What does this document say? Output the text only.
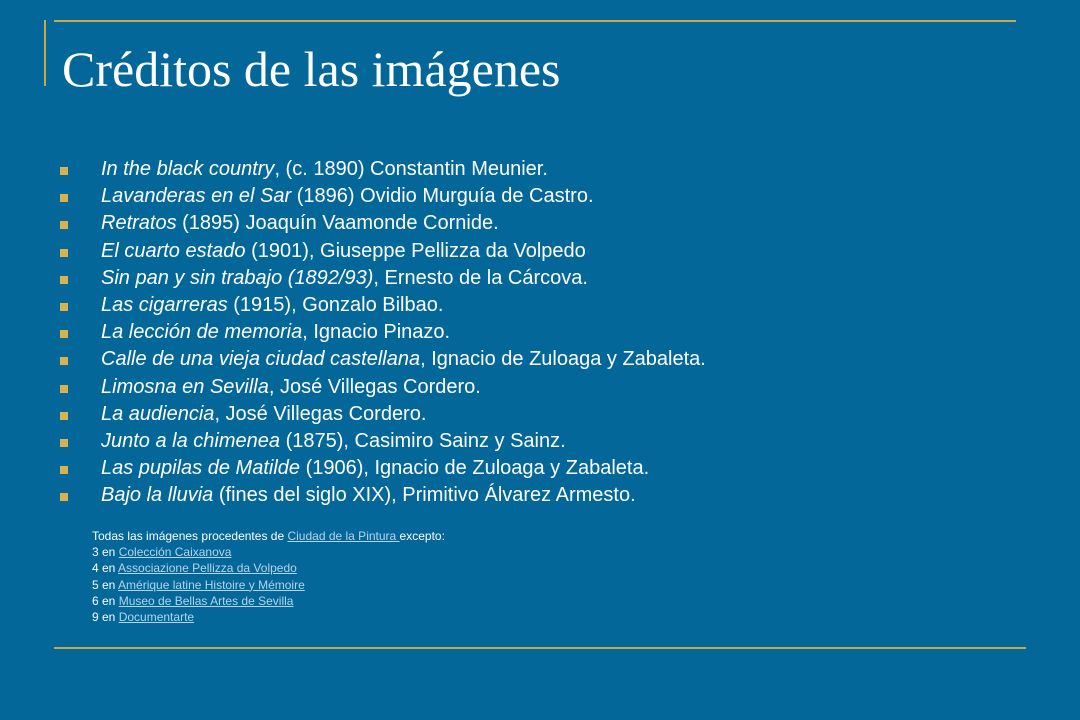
Créditos de las imágenes
In the black country, (c. 1890) Constantin Meunier.
Lavanderas en el Sar (1896) Ovidio Murguía de Castro.
Retratos (1895) Joaquín Vaamonde Cornide.
El cuarto estado (1901), Giuseppe Pellizza da Volpedo
Sin pan y sin trabajo (1892/93), Ernesto de la Cárcova.
Las cigarreras (1915), Gonzalo Bilbao.
La lección de memoria, Ignacio Pinazo.
Calle de una vieja ciudad castellana, Ignacio de Zuloaga y Zabaleta.
Limosna en Sevilla, José Villegas Cordero.
La audiencia, José Villegas Cordero.
Junto a la chimenea (1875), Casimiro Sainz y Sainz.
Las pupilas de Matilde (1906), Ignacio de Zuloaga y Zabaleta.
Bajo la lluvia (fines del siglo XIX), Primitivo Álvarez Armesto.
Todas las imágenes procedentes de Ciudad de la Pintura excepto:
3 en Colección Caixanova
4 en Associazione Pellizza da Volpedo
5 en Amérique latine Histoire y Mémoire
6 en Museo de Bellas Artes de Sevilla
9 en Documentarte
